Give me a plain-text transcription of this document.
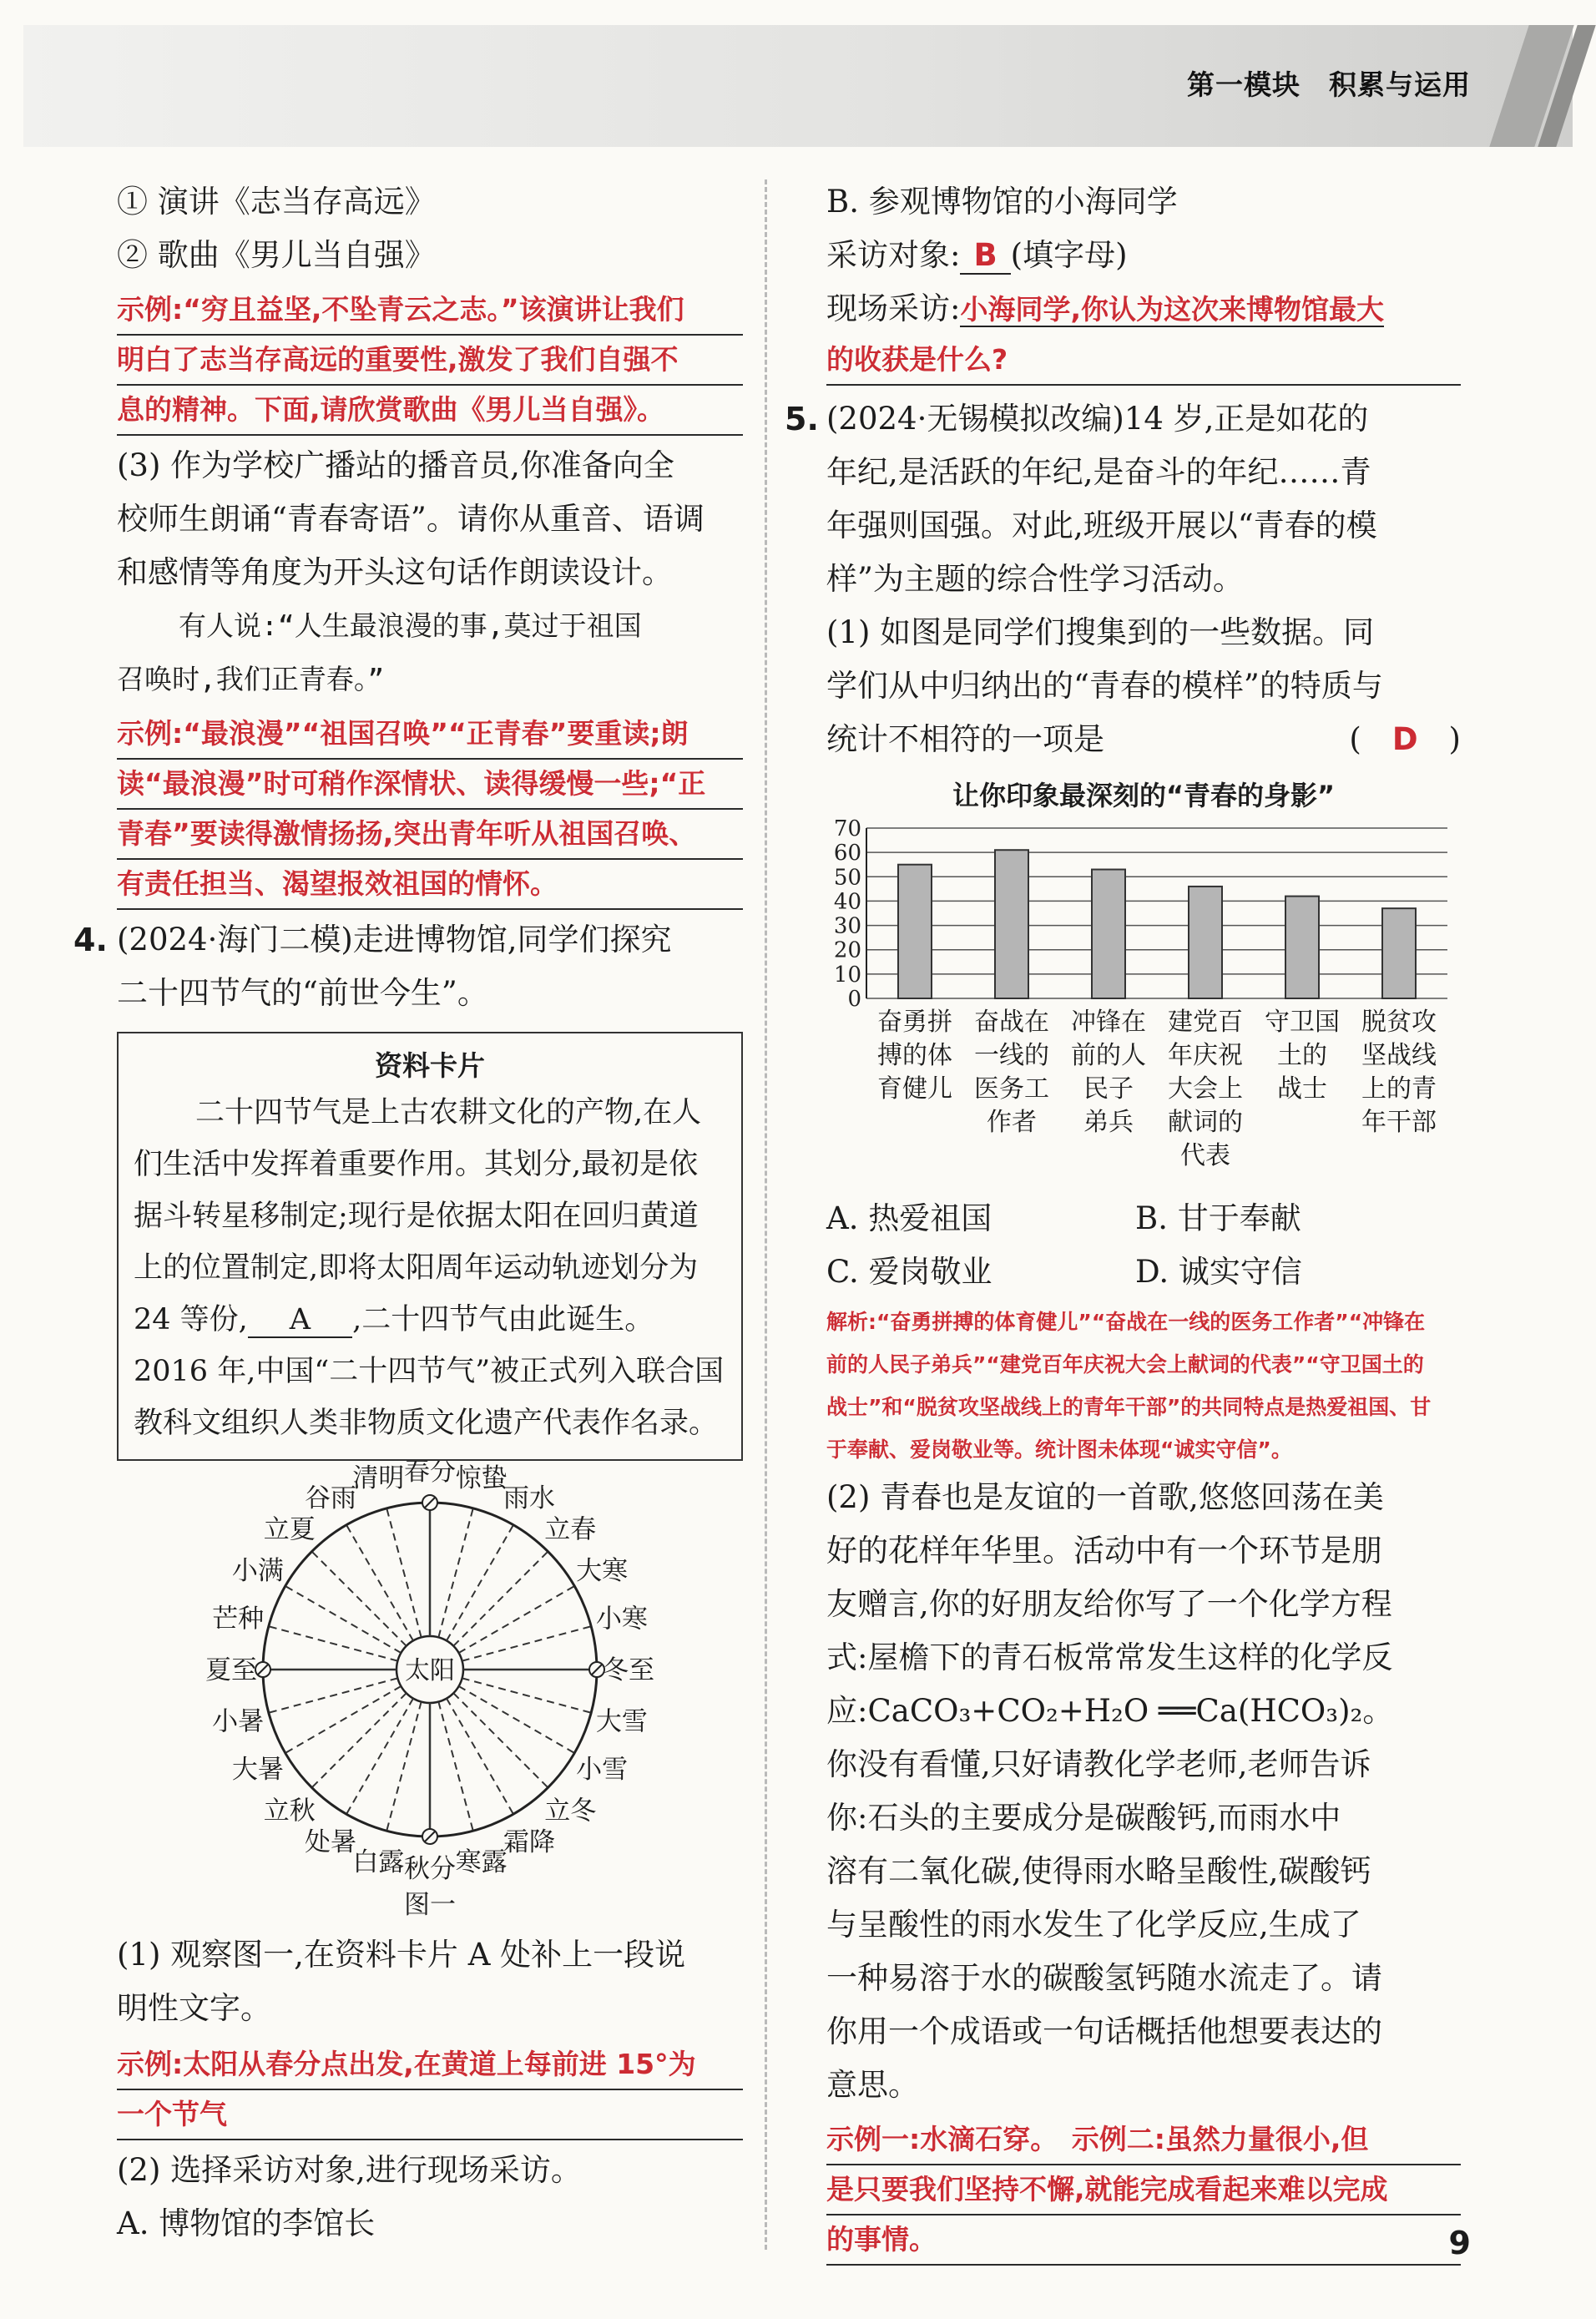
第一模块　积累与运用

① 演讲《志当存高远》

② 歌曲《男儿当自强》

示例:“穷且益坚,不坠青云之志。”该演讲让我们
明白了志当存高远的重要性,激发了我们自强不
息的精神。下面,请欣赏歌曲《男儿当自强》。

(3) 作为学校广播站的播音员,你准备向全

校师生朗诵“青春寄语”。请你从重音、语调

和感情等角度为开头这句话作朗读设计。

有人说:“人生最浪漫的事,莫过于祖国

召唤时,我们正青春。”

示例:“最浪漫”“祖国召唤”“正青春”要重读;朗
读“最浪漫”时可稍作深情状、读得缓慢一些;“正
青春”要读得激情扬扬,突出青年听从祖国召唤、
有责任担当、渴望报效祖国的情怀。
4. (2024·海门二模)走进博物馆,同学们探究

二十四节气的“前世今生”。

资料卡片

二十四节气是上古农耕文化的产物,在人

们生活中发挥着重要作用。其划分,最初是依

据斗转星移制定;现行是依据太阳在回归黄道

上的位置制定,即将太阳周年运动轨迹划分为

24 等份, A ,二十四节气由此诞生。

2016 年,中国“二十四节气”被正式列入联合国

教科文组织人类非物质文化遗产代表作名录。

春分 惊蛰
雨水
立春
大寒
小寒
冬至
大雪
小雪
立冬
霜降
寒露
秋分
白露
处暑
立秋
大暑
小暑
夏至
芒种
小满
立夏
谷雨
清明
太阳
图一

(1) 观察图一,在资料卡片 A 处补上一段说

明性文字。

示例:太阳从春分点出发,在黄道上每前进 15°为
一个节气

(2) 选择采访对象,进行现场采访。

A. 博物馆的李馆长

B. 参观博物馆的小海同学

采访对象: B (填字母)

现场采访:小海同学,你认为这次来博物馆最大

的收获是什么?
5. (2024·无锡模拟改编)14 岁,正是如花的

年纪,是活跃的年纪,是奋斗的年纪……青

年强则国强。对此,班级开展以“青春的模

样”为主题的综合性学习活动。

(1) 如图是同学们搜集到的一些数据。同

学们从中归纳出的“青春的模样”的特质与

统计不相符的一项是	(　D　)

让你印象最深刻的“青春的身影”
0
10
20
30
40
50
60
70
奋勇拼
搏的体
育健儿
奋战在
一线的
医务工
作者
冲锋在
前的人
民子
弟兵
建党百
年庆祝
大会上
献词的
代表
守卫国
土的
战士
脱贫攻
坚战线
上的青
年干部
A. 热爱祖国	B. 甘于奉献
C. 爱岗敬业	D. 诚实守信
解析:“奋勇拼搏的体育健儿”“奋战在一线的医务工作者”“冲锋在
前的人民子弟兵”“建党百年庆祝大会上献词的代表”“守卫国土的
战士”和“脱贫攻坚战线上的青年干部”的共同特点是热爱祖国、甘
于奉献、爱岗敬业等。统计图未体现“诚实守信”。

(2) 青春也是友谊的一首歌,悠悠回荡在美

好的花样年华里。活动中有一个环节是朋

友赠言,你的好朋友给你写了一个化学方程

式:屋檐下的青石板常常发生这样的化学反

应:CaCO₃+CO₂+H₂O ══Ca(HCO₃)₂。

你没有看懂,只好请教化学老师,老师告诉

你:石头的主要成分是碳酸钙,而雨水中

溶有二氧化碳,使得雨水略呈酸性,碳酸钙

与呈酸性的雨水发生了化学反应,生成了

一种易溶于水的碳酸氢钙随水流走了。请

你用一个成语或一句话概括他想要表达的

意思。

示例一:水滴石穿。　示例二:虽然力量很小,但
是只要我们坚持不懈,就能完成看起来难以完成
的事情。	9
